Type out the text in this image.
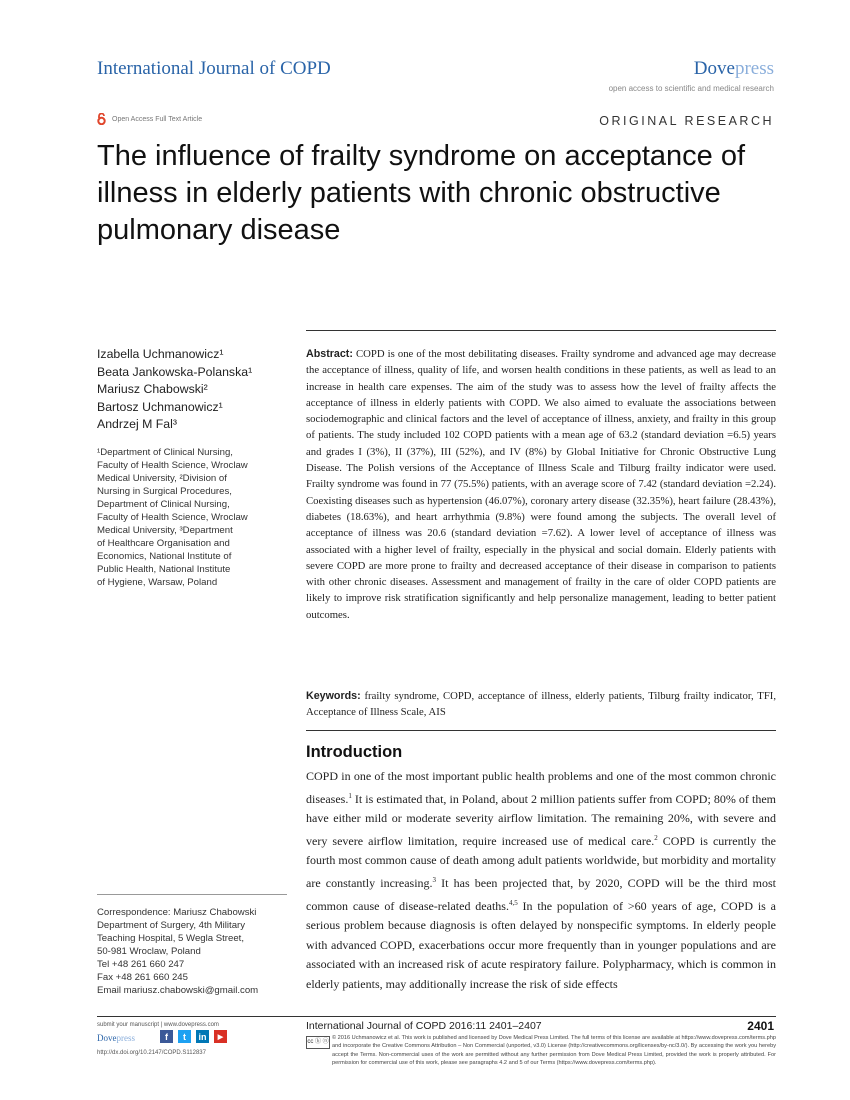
International Journal of COPD	Dovepress
open access to scientific and medical research
Open Access Full Text Article	ORIGINAL RESEARCH
The influence of frailty syndrome on acceptance of illness in elderly patients with chronic obstructive pulmonary disease
Izabella Uchmanowicz¹
Beata Jankowska-Polanska¹
Mariusz Chabowski²
Bartosz Uchmanowicz¹
Andrzej M Fal³
¹Department of Clinical Nursing,
Faculty of Health Science, Wroclaw
Medical University, ²Division of
Nursing in Surgical Procedures,
Department of Clinical Nursing,
Faculty of Health Science, Wroclaw
Medical University, ³Department
of Healthcare Organisation and
Economics, National Institute of
Public Health, National Institute
of Hygiene, Warsaw, Poland
Correspondence: Mariusz Chabowski
Department of Surgery, 4th Military
Teaching Hospital, 5 Wegla Street,
50-981 Wroclaw, Poland
Tel +48 261 660 247
Fax +48 261 660 245
Email mariusz.chabowski@gmail.com

Abstract: COPD is one of the most debilitating diseases. Frailty syndrome and advanced age may decrease the acceptance of illness, quality of life, and worsen health conditions in these patients, as well as lead to an increase in health care expenses. The aim of the study was to assess how the level of frailty affects the acceptance of illness in elderly patients with COPD. We also aimed to evaluate the associations between sociodemographic and clinical factors and the level of acceptance of illness, anxiety, and frailty in this group of patients. The study included 102 COPD patients with a mean age of 63.2 (standard deviation =6.5) years and grades I (3%), II (37%), III (52%), and IV (8%) by Global Initiative for Chronic Obstructive Lung Disease. The Polish versions of the Acceptance of Illness Scale and Tilburg frailty indicator were used. Frailty syndrome was found in 77 (75.5%) patients, with an average score of 7.42 (standard deviation =2.24). Coexisting diseases such as hypertension (46.07%), coronary artery disease (32.35%), heart failure (28.43%), diabetes (18.63%), and heart arrhythmia (9.8%) were found among the subjects. The overall level of acceptance of illness was 20.6 (standard deviation =7.62). A lower level of acceptance of illness was associated with a higher level of frailty, especially in the physical and social domain. Elderly patients with severe COPD are more prone to frailty and decreased acceptance of their disease in comparison to patients with other chronic diseases. Assessment and management of frailty in the care of older COPD patients are likely to improve risk stratification significantly and help personalize management, leading to better patient outcomes.

Keywords: frailty syndrome, COPD, acceptance of illness, elderly patients, Tilburg frailty indicator, TFI, Acceptance of Illness Scale, AIS

Introduction

COPD in one of the most important public health problems and one of the most common chronic diseases.$^1$ It is estimated that, in Poland, about 2 million patients suffer from COPD; 80% of them have either mild or moderate severity airflow limitation. The remaining 20%, with severe and very severe airflow limitation, require increased use of medical care.$^2$ COPD is currently the fourth most common cause of death among adult patients worldwide, but morbidity and mortality are constantly increasing.$^3$ It has been projected that, by 2020, COPD will be the third most common cause of disease-related deaths.$^{4,5}$ In the population of >60 years of age, COPD is a serious problem because diagnosis is often delayed by nonspecific symptoms. In elderly people with advanced COPD, exacerbations occur more frequently than in younger populations and are associated with an increased risk of acute respiratory failure. Polypharmacy, which is common in elderly patients, may additionally increase the risk of side effects

submit your manuscript | www.dovepress.com
Dovepress	f	t	in	▶
http://dx.doi.org/10.2147/COPD.S112837
International Journal of COPD 2016:11 2401–2407	2401
cc ⓑ ⓝ

© 2016 Uchmanowicz et al. This work is published and licensed by Dove Medical Press Limited. The full terms of this license are available at https://www.dovepress.com/terms.php and incorporate the Creative Commons Attribution – Non Commercial (unported, v3.0) License (http://creativecommons.org/licenses/by-nc/3.0/). By accessing the work you hereby accept the Terms. Non-commercial uses of the work are permitted without any further permission from Dove Medical Press Limited, provided the work is properly attributed. For permission for commercial use of this work, please see paragraphs 4.2 and 5 of our Terms (https://www.dovepress.com/terms.php).
